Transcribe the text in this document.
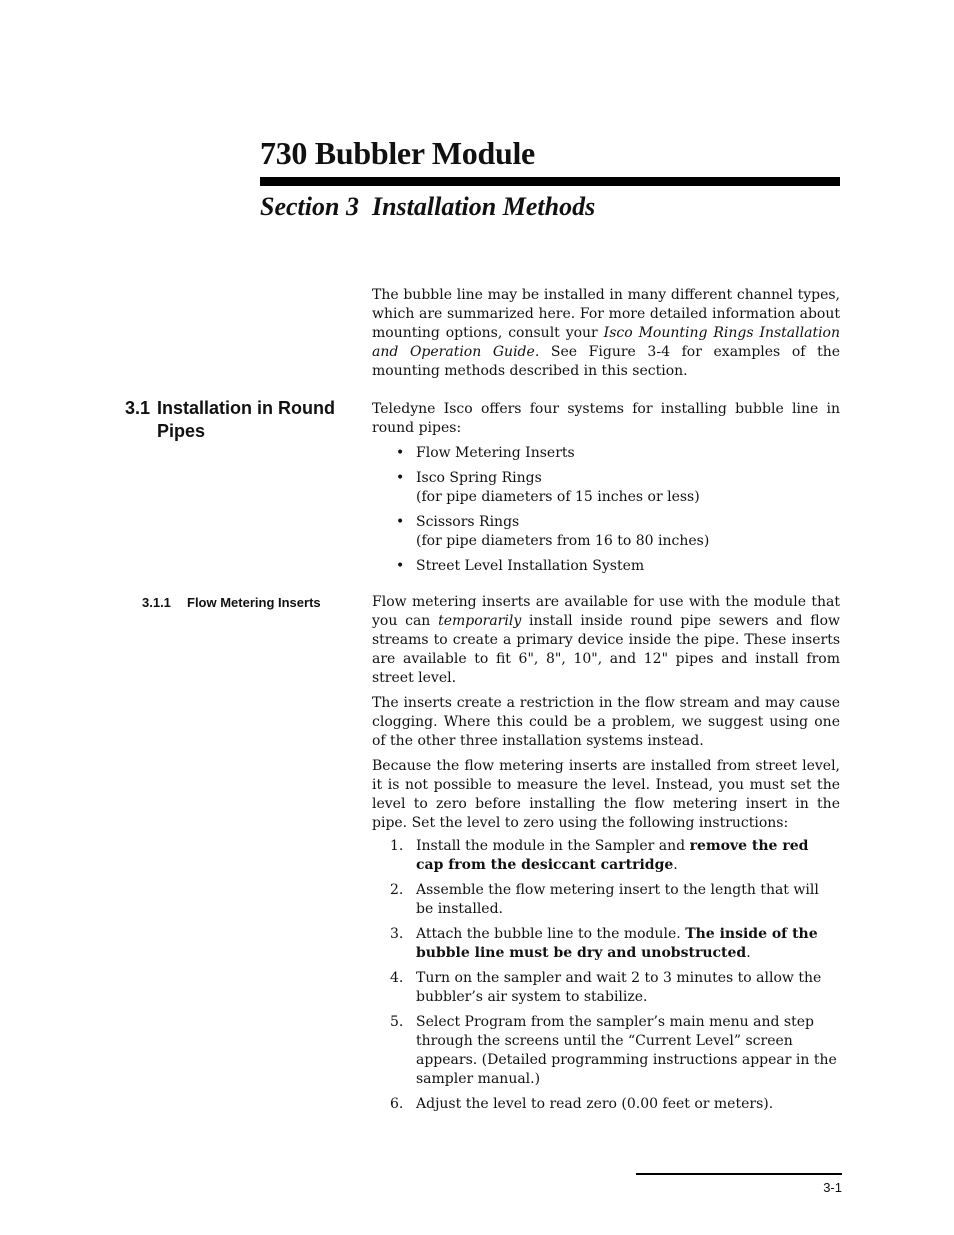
730 Bubbler Module
Section 3  Installation Methods

The bubble line may be installed in many different channel types, which are summarized here. For more detailed information about mounting options, consult your Isco Mounting Rings Installation and Operation Guide. See Figure 3-4 for examples of the mounting methods described in this section.

3.1 Installation in Round Pipes

Teledyne Isco offers four systems for installing bubble line in round pipes:

• Flow Metering Inserts
• Isco Spring Rings
(for pipe diameters of 15 inches or less)
• Scissors Rings
(for pipe diameters from 16 to 80 inches)
• Street Level Installation System
3.1.1 Flow Metering Inserts	Flow metering inserts are available for use with the module that you can temporarily install inside round pipe sewers and flow streams to create a primary device inside the pipe. These inserts are available to fit 6", 8", 10", and 12" pipes and install from street level.

The inserts create a restriction in the flow stream and may cause clogging. Where this could be a problem, we suggest using one of the other three installation systems instead.

Because the flow metering inserts are installed from street level, it is not possible to measure the level. Instead, you must set the level to zero before installing the flow metering insert in the pipe. Set the level to zero using the following instructions:

1. Install the module in the Sampler and remove the red cap from the desiccant cartridge.
2. Assemble the flow metering insert to the length that will be installed.
3. Attach the bubble line to the module. The inside of the bubble line must be dry and unobstructed.
4. Turn on the sampler and wait 2 to 3 minutes to allow the bubbler’s air system to stabilize.
5. Select Program from the sampler’s main menu and step through the screens until the “Current Level” screen appears. (Detailed programming instructions appear in the sampler manual.)
6. Adjust the level to read zero (0.00 feet or meters).
3-1
